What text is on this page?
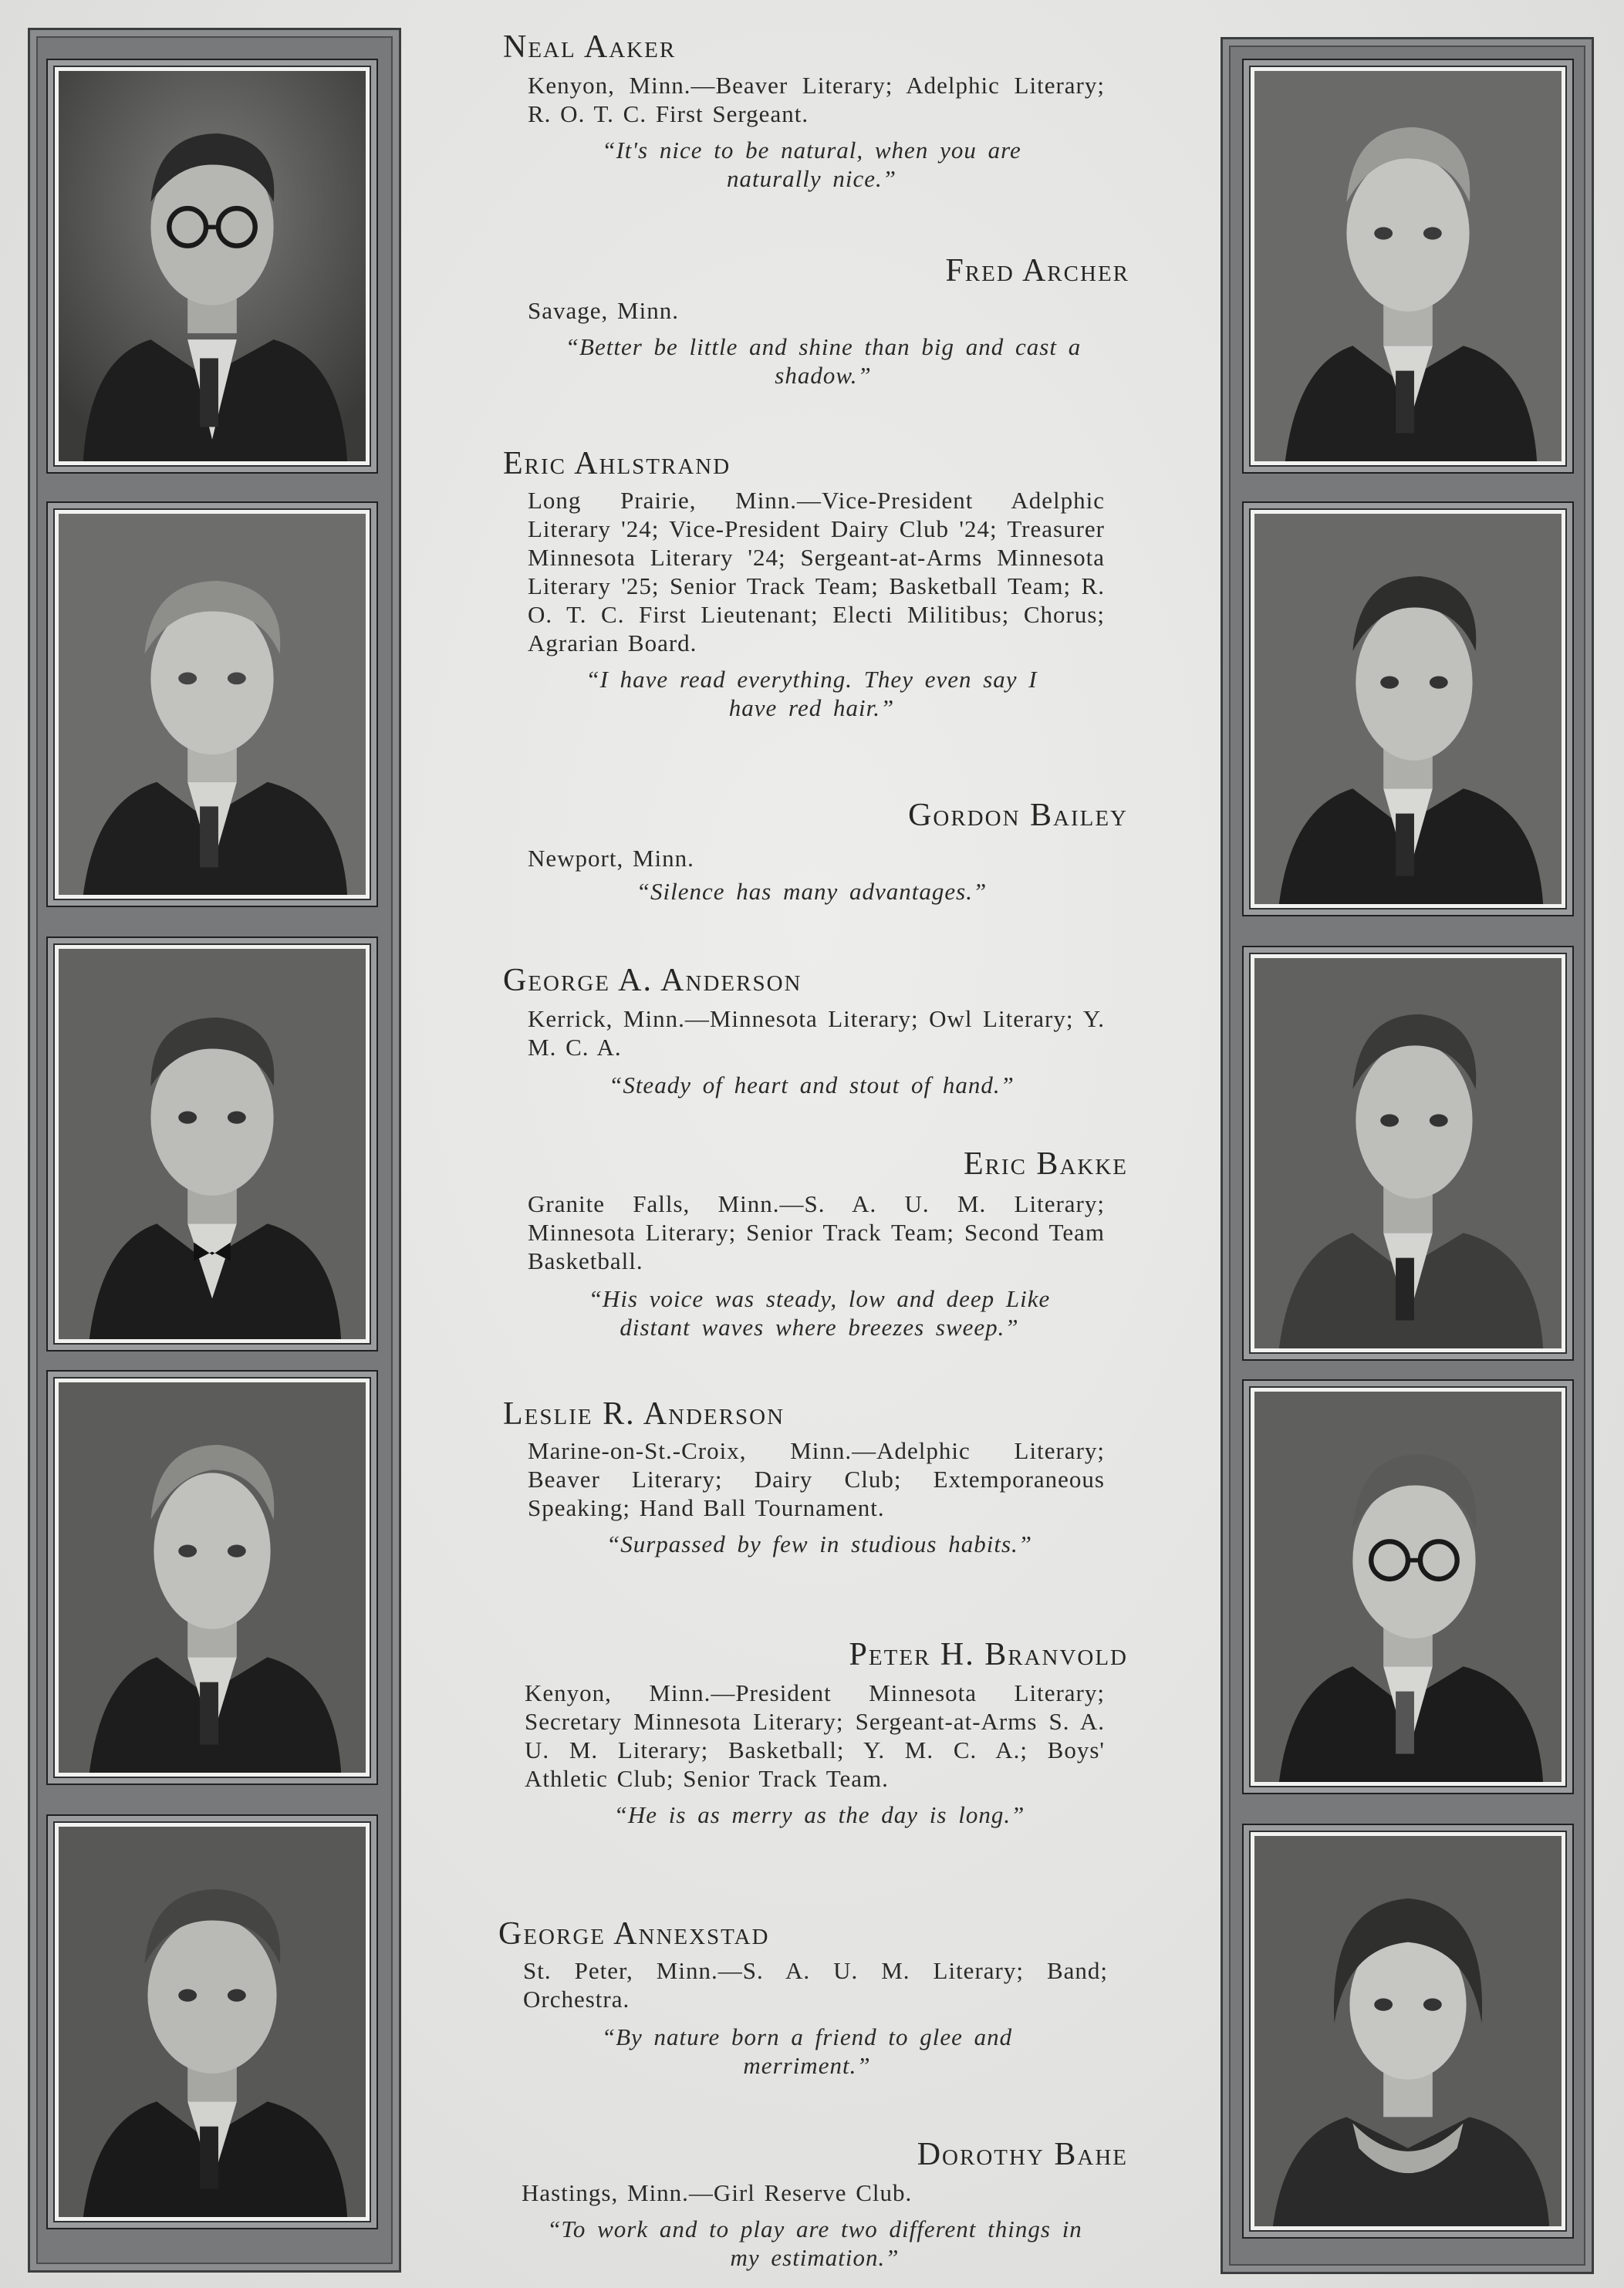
Neal Aaker
Kenyon, Minn.—Beaver Literary; Adelphic Literary; R. O. T. C. First Sergeant.
“It's nice to be natural, when you are naturally nice.”
Fred Archer
Savage, Minn.
“Better be little and shine than big and cast a shadow.”
Eric Ahlstrand
Long Prairie, Minn.—Vice-President Adelphic Literary '24; Vice-President Dairy Club '24; Treasurer Minnesota Literary '24; Sergeant-at-Arms Minnesota Literary '25; Senior Track Team; Basketball Team; R. O. T. C. First Lieutenant; Electi Militibus; Chorus; Agrarian Board.
“I have read everything. They even say I have red hair.”
Gordon Bailey
Newport, Minn.
“Silence has many advantages.”
George A. Anderson
Kerrick, Minn.—Minnesota Literary; Owl Literary; Y. M. C. A.
“Steady of heart and stout of hand.”
Eric Bakke
Granite Falls, Minn.—S. A. U. M. Literary; Minnesota Literary; Senior Track Team; Second Team Basketball.
“His voice was steady, low and deep Like distant waves where breezes sweep.”
Leslie R. Anderson
Marine-on-St.-Croix, Minn.—Adelphic Literary; Beaver Literary; Dairy Club; Extemporaneous Speaking; Hand Ball Tournament.
“Surpassed by few in studious habits.”
Peter H. Branvold
Kenyon, Minn.—President Minnesota Literary; Secretary Minnesota Literary; Sergeant-at-Arms S. A. U. M. Literary; Basketball; Y. M. C. A.; Boys' Athletic Club; Senior Track Team.
“He is as merry as the day is long.”
George Annexstad
St. Peter, Minn.—S. A. U. M. Literary; Band; Orchestra.
“By nature born a friend to glee and merriment.”
Dorothy Bahe
Hastings, Minn.—Girl Reserve Club.
“To work and to play are two different things in my estimation.”
